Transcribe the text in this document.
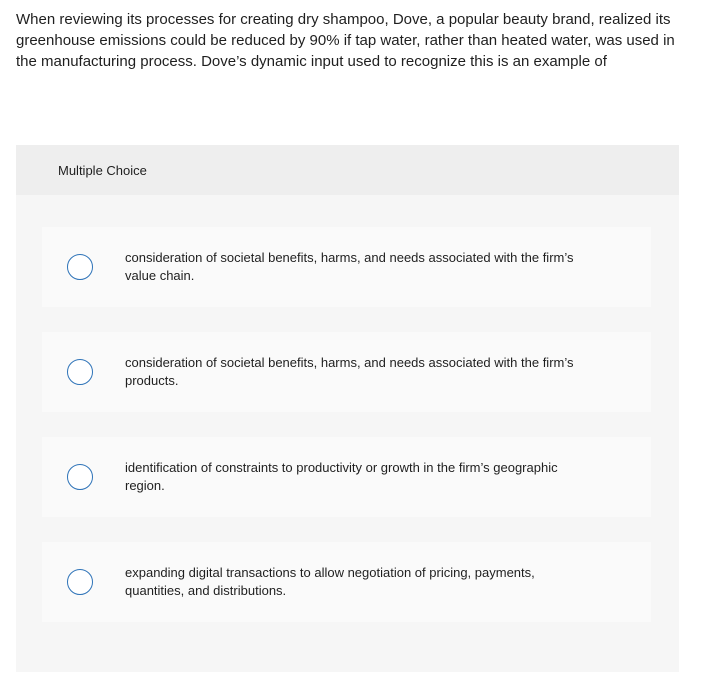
When reviewing its processes for creating dry shampoo, Dove, a popular beauty brand, realized its greenhouse emissions could be reduced by 90% if tap water, rather than heated water, was used in the manufacturing process. Dove’s dynamic input used to recognize this is an example of

Multiple Choice
consideration of societal benefits, harms, and needs associated with the firm’s value chain.
consideration of societal benefits, harms, and needs associated with the firm’s products.
identification of constraints to productivity or growth in the firm’s geographic region.
expanding digital transactions to allow negotiation of pricing, payments, quantities, and distributions.
